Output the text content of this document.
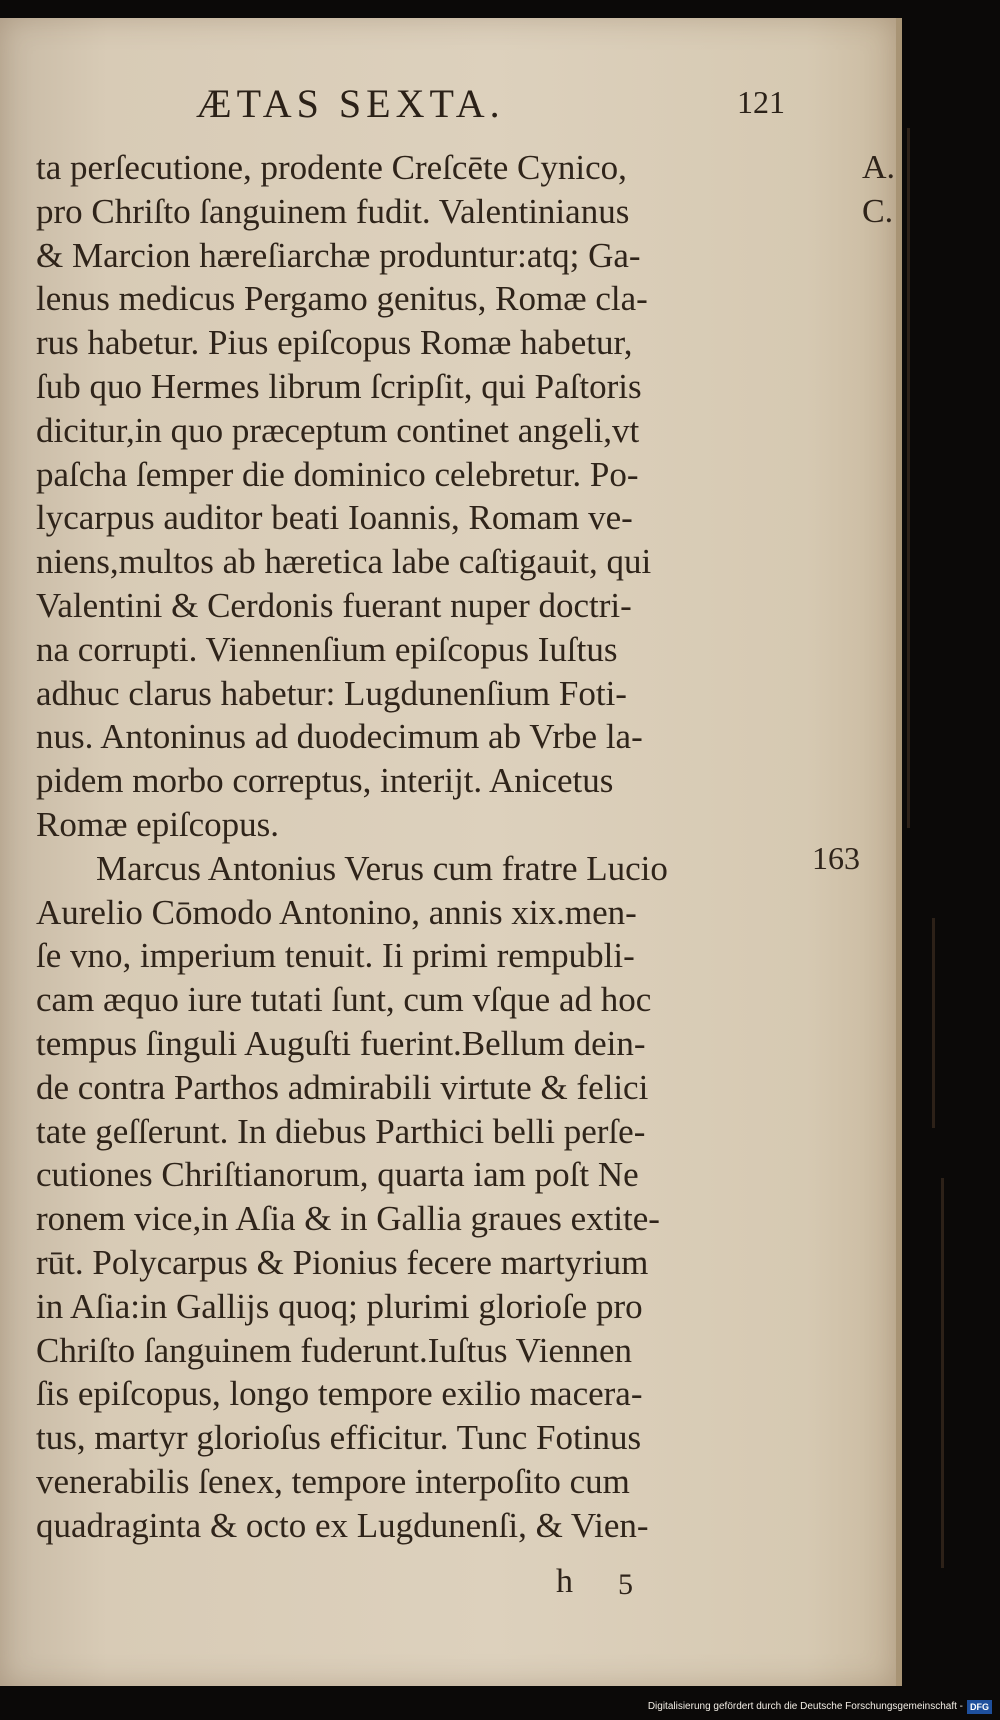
ÆTAS SEXTA.	121
A. C.
163
ta perſecutione, prodente Creſcēte Cynico,
pro Chriſto ſanguinem fudit. Valentinianus
& Marcion hæreſiarchæ produntur:atq; Ga-
lenus medicus Pergamo genitus, Romæ cla-
rus habetur. Pius epiſcopus Romæ habetur,
ſub quo Hermes librum ſcripſit, qui Paſtoris
dicitur,in quo præceptum continet angeli,vt
paſcha ſemper die dominico celebretur. Po-
lycarpus auditor beati Ioannis, Romam ve-
niens,multos ab hæretica labe caſtigauit, qui
Valentini & Cerdonis fuerant nuper doctri-
na corrupti. Viennenſium epiſcopus Iuſtus
adhuc clarus habetur: Lugdunenſium Foti-
nus. Antoninus ad duodecimum ab Vrbe la-
pidem morbo correptus, interijt. Anicetus
Romæ epiſcopus.
Marcus Antonius Verus cum fratre Lucio
Aurelio Cōmodo Antonino, annis xix.men-
ſe vno, imperium tenuit. Ii primi rempubli-
cam æquo iure tutati ſunt, cum vſque ad hoc
tempus ſinguli Auguſti fuerint.Bellum dein-
de contra Parthos admirabili virtute & felici
tate geſſerunt. In diebus Parthici belli perſe-
cutiones Chriſtianorum, quarta iam poſt Ne
ronem vice,in Aſia & in Gallia graues extite-
rūt. Polycarpus & Pionius fecere martyrium
in Aſia:in Gallijs quoq; plurimi glorioſe pro
Chriſto ſanguinem fuderunt.Iuſtus Viennen
ſis epiſcopus, longo tempore exilio macera-
tus, martyr glorioſus efficitur. Tunc Fotinus
venerabilis ſenex, tempore interpoſito cum
quadraginta & octo ex Lugdunenſi, & Vien-
h 5
Digitalisierung gefördert durch die Deutsche Forschungsgemeinschaft - DFG
